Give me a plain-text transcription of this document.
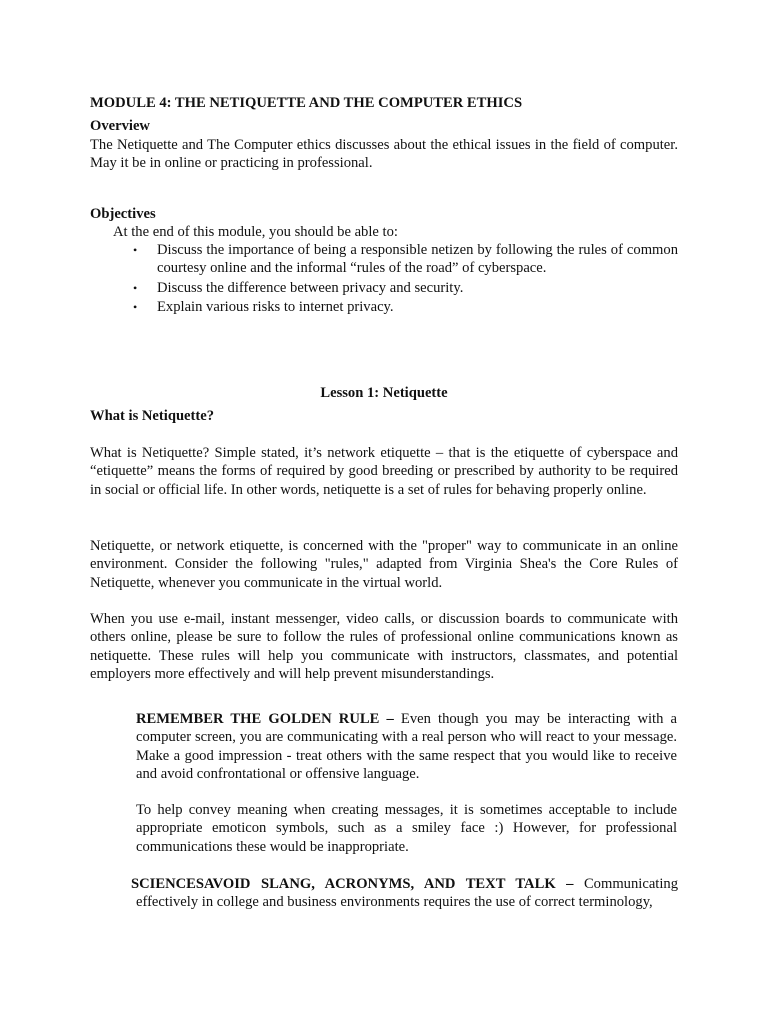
MODULE 4: THE NETIQUETTE AND THE COMPUTER ETHICS
Overview
The Netiquette and The Computer ethics discusses about the ethical issues in the field of computer. May it be in online or practicing in professional.
Objectives
At the end of this module, you should be able to:
• Discuss the importance of being a responsible netizen by following the rules of common courtesy online and the informal “rules of the road” of cyberspace.
• Discuss the difference between privacy and security.
• Explain various risks to internet privacy.
Lesson 1: Netiquette
What is Netiquette?
What is Netiquette? Simple stated, it’s network etiquette – that is the etiquette of cyberspace and “etiquette” means the forms of required by good breeding or prescribed by authority to be required in social or official life. In other words, netiquette is a set of rules for behaving properly online.
Netiquette, or network etiquette, is concerned with the "proper" way to communicate in an online environment. Consider the following "rules," adapted from Virginia Shea's the Core Rules of Netiquette, whenever you communicate in the virtual world.
When you use e-mail, instant messenger, video calls, or discussion boards to communicate with others online, please be sure to follow the rules of professional online communications known as netiquette. These rules will help you communicate with instructors, classmates, and potential employers more effectively and will help prevent misunderstandings.
REMEMBER THE GOLDEN RULE – Even though you may be interacting with a computer screen, you are communicating with a real person who will react to your message. Make a good impression - treat others with the same respect that you would like to receive and avoid confrontational or offensive language.
To help convey meaning when creating messages, it is sometimes acceptable to include appropriate emoticon symbols, such as a smiley face :) However, for professional communications these would be inappropriate.
SCIENCESAVOID SLANG, ACRONYMS, AND TEXT TALK – Communicating
effectively in college and business environments requires the use of correct terminology,
